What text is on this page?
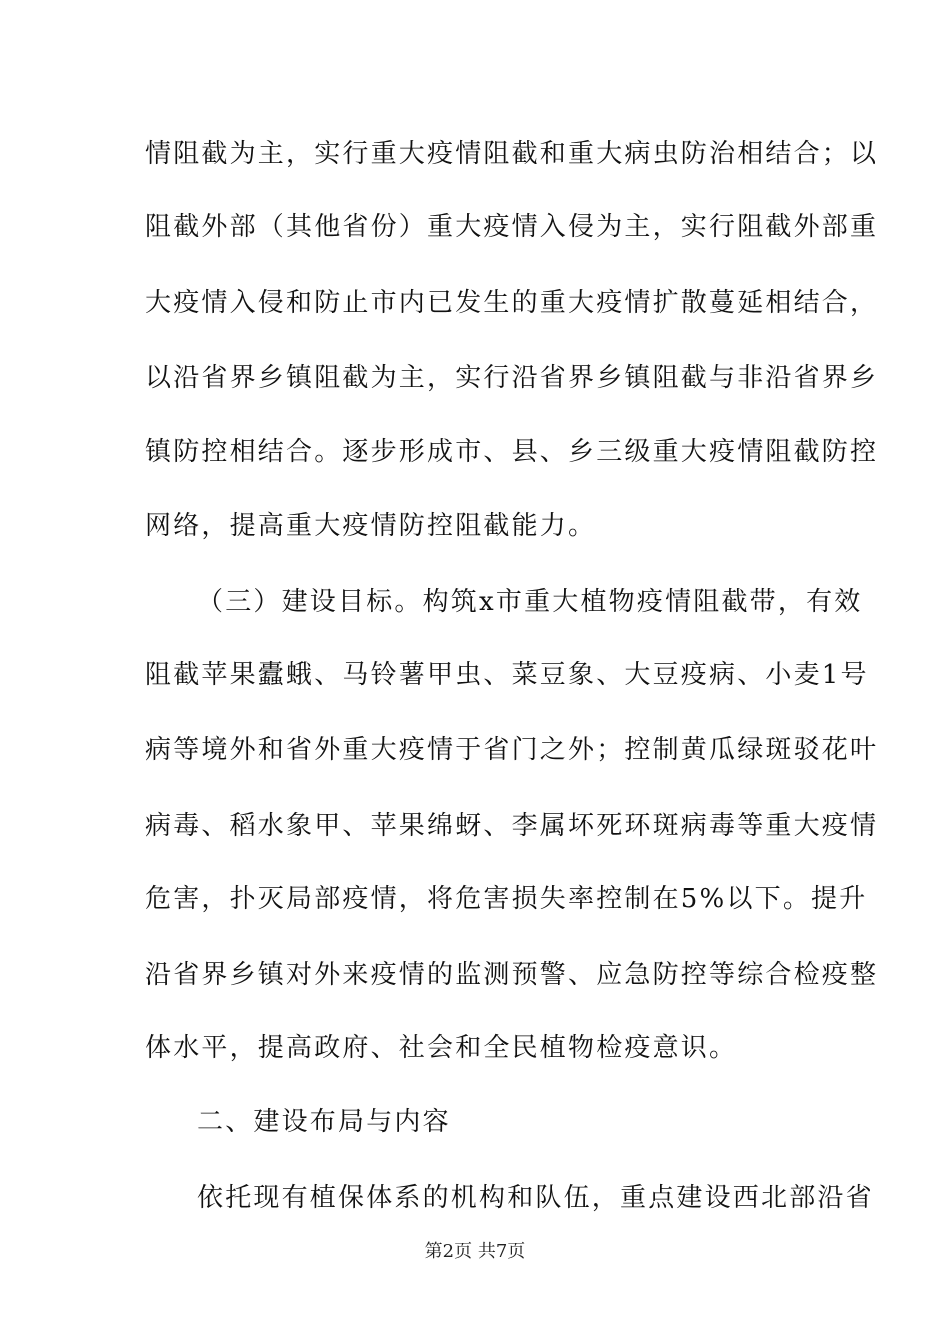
情阻截为主，实行重大疫情阻截和重大病虫防治相结合；以
阻截外部（其他省份）重大疫情入侵为主，实行阻截外部重
大疫情入侵和防止市内已发生的重大疫情扩散蔓延相结合，
以沿省界乡镇阻截为主，实行沿省界乡镇阻截与非沿省界乡
镇防控相结合。逐步形成市、县、乡三级重大疫情阻截防控
网络，提高重大疫情防控阻截能力。
（三）建设目标。构筑x市重大植物疫情阻截带，有效
阻截苹果蠹蛾、马铃薯甲虫、菜豆象、大豆疫病、小麦1号
病等境外和省外重大疫情于省门之外；控制黄瓜绿斑驳花叶
病毒、稻水象甲、苹果绵蚜、李属坏死环斑病毒等重大疫情
危害，扑灭局部疫情，将危害损失率控制在5%以下。提升
沿省界乡镇对外来疫情的监测预警、应急防控等综合检疫整
体水平，提高政府、社会和全民植物检疫意识。
二、建设布局与内容
依托现有植保体系的机构和队伍，重点建设西北部沿省
第2页 共7页
